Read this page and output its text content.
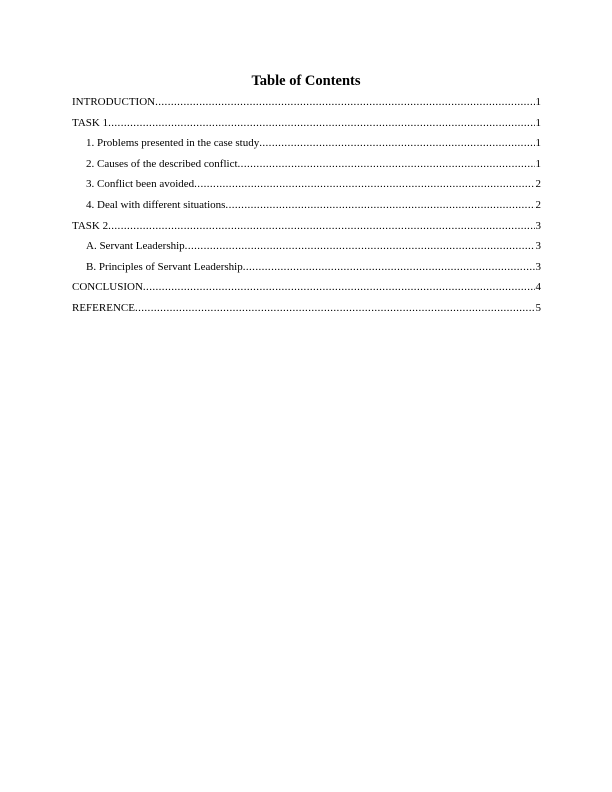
Table of Contents
INTRODUCTION .....	1
TASK 1 .....	1
1. Problems presented in the case study .....	1
2. Causes of the described conflict .....	1
3. Conflict been avoided .....	2
4. Deal with different situations .....	2
TASK 2 .....	3
A. Servant Leadership .....	3
B. Principles of Servant Leadership .....	3
CONCLUSION .....	4
REFERENCE .....	5
